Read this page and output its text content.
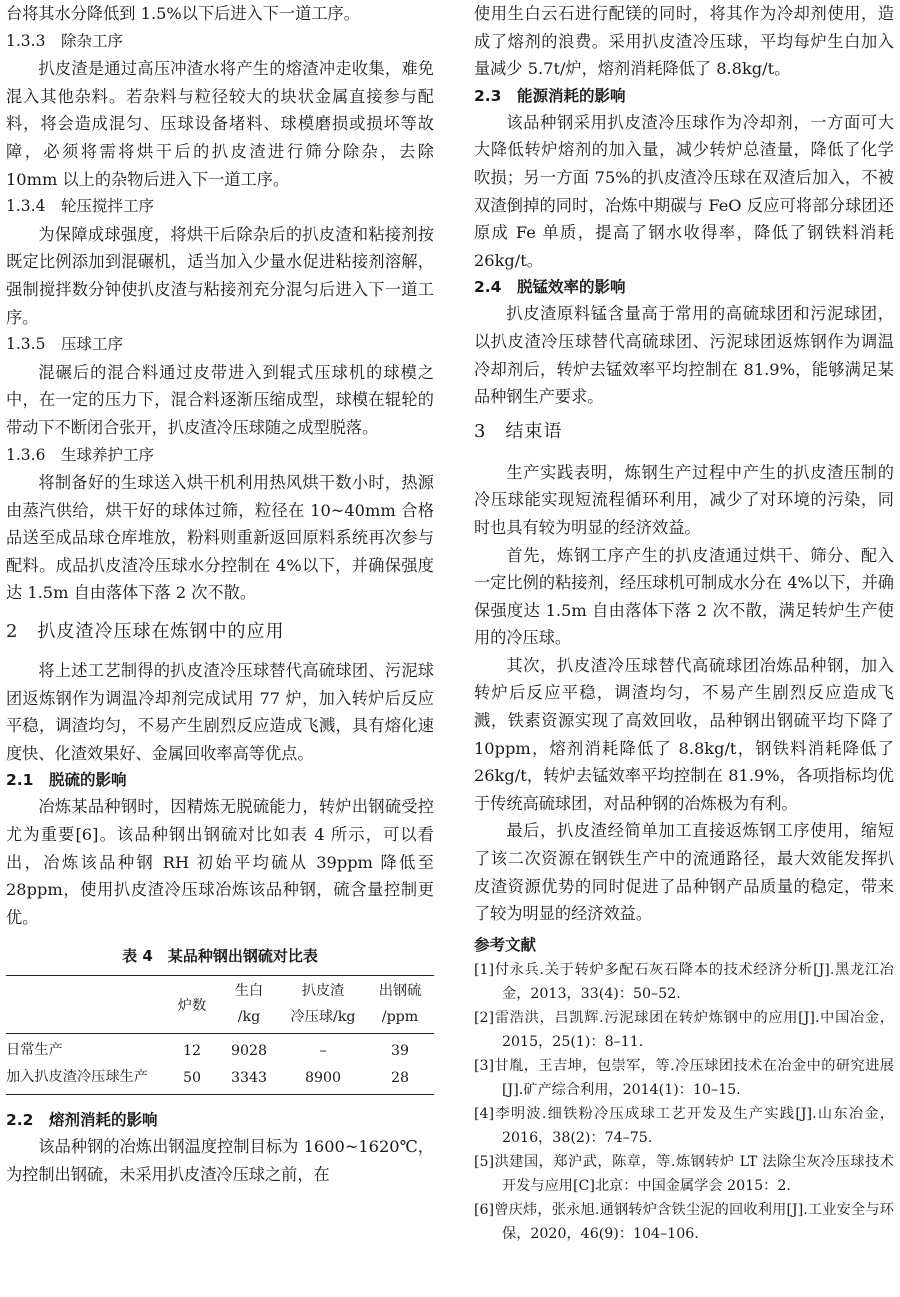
台将其水分降低到 1.5%以下后进入下一道工序。

1.3.3　除杂工序

扒皮渣是通过高压冲渣水将产生的熔渣冲走收集，难免混入其他杂料。若杂料与粒径较大的块状金属直接参与配料，将会造成混匀、压球设备堵料、球模磨损或损坏等故障，必须将需将烘干后的扒皮渣进行筛分除杂，去除 10mm 以上的杂物后进入下一道工序。

1.3.4　轮压搅拌工序

为保障成球强度，将烘干后除杂后的扒皮渣和粘接剂按既定比例添加到混碾机，适当加入少量水促进粘接剂溶解，强制搅拌数分钟使扒皮渣与粘接剂充分混匀后进入下一道工序。

1.3.5　压球工序

混碾后的混合料通过皮带进入到辊式压球机的球模之中，在一定的压力下，混合料逐渐压缩成型，球模在辊轮的带动下不断闭合张开，扒皮渣冷压球随之成型脱落。

1.3.6　生球养护工序

将制备好的生球送入烘干机利用热风烘干数小时，热源由蒸汽供给，烘干好的球体过筛，粒径在 10~40mm 合格品送至成品球仓库堆放，粉料则重新返回原料系统再次参与配料。成品扒皮渣冷压球水分控制在 4%以下，并确保强度达 1.5m 自由落体下落 2 次不散。

2　扒皮渣冷压球在炼钢中的应用

将上述工艺制得的扒皮渣冷压球替代高硫球团、污泥球团返炼钢作为调温冷却剂完成试用 77 炉，加入转炉后反应平稳，调渣均匀，不易产生剧烈反应造成飞溅，具有熔化速度快、化渣效果好、金属回收率高等优点。

2.1　脱硫的影响

冶炼某品种钢时，因精炼无脱硫能力，转炉出钢硫受控尤为重要[6]。该品种钢出钢硫对比如表 4 所示，可以看出，冶炼该品种钢 RH 初始平均硫从 39ppm 降低至 28ppm，使用扒皮渣冷压球冶炼该品种钢，硫含量控制更优。

表 4　某品种钢出钢硫对比表
		生白	扒皮渣	出钢硫
	炉数	/kg	冷压球/kg	/ppm
日常生产	12	9028	–	39
加入扒皮渣冷压球生产	50	3343	8900	28
2.2　熔剂消耗的影响

该品种钢的冶炼出钢温度控制目标为 1600~1620℃，为控制出钢硫，未采用扒皮渣冷压球之前，在

使用生白云石进行配镁的同时，将其作为冷却剂使用，造成了熔剂的浪费。采用扒皮渣冷压球，平均每炉生白加入量减少 5.7t/炉，熔剂消耗降低了 8.8kg/t。

2.3　能源消耗的影响

该品种钢采用扒皮渣冷压球作为冷却剂，一方面可大大降低转炉熔剂的加入量，减少转炉总渣量，降低了化学吹损；另一方面 75%的扒皮渣冷压球在双渣后加入，不被双渣倒掉的同时，冶炼中期碳与 FeO 反应可将部分球团还原成 Fe 单质，提高了钢水收得率，降低了钢铁料消耗 26kg/t。

2.4　脱锰效率的影响

扒皮渣原料锰含量高于常用的高硫球团和污泥球团，以扒皮渣冷压球替代高硫球团、污泥球团返炼钢作为调温冷却剂后，转炉去锰效率平均控制在 81.9%，能够满足某品种钢生产要求。

3　结束语

生产实践表明，炼钢生产过程中产生的扒皮渣压制的冷压球能实现短流程循环利用，减少了对环境的污染，同时也具有较为明显的经济效益。

首先，炼钢工序产生的扒皮渣通过烘干、筛分、配入一定比例的粘接剂，经压球机可制成水分在 4%以下，并确保强度达 1.5m 自由落体下落 2 次不散，满足转炉生产使用的冷压球。

其次，扒皮渣冷压球替代高硫球团冶炼品种钢，加入转炉后反应平稳，调渣均匀，不易产生剧烈反应造成飞溅，铁素资源实现了高效回收，品种钢出钢硫平均下降了 10ppm，熔剂消耗降低了 8.8kg/t，钢铁料消耗降低了 26kg/t，转炉去锰效率平均控制在 81.9%，各项指标均优于传统高硫球团，对品种钢的冶炼极为有利。

最后，扒皮渣经简单加工直接返炼钢工序使用，缩短了该二次资源在钢铁生产中的流通路径，最大效能发挥扒皮渣资源优势的同时促进了品种钢产品质量的稳定，带来了较为明显的经济效益。

参考文献

[1]付永兵.关于转炉多配石灰石降本的技术经济分析[J].黑龙江冶金，2013，33(4)：50–52.

[2]雷浩洪，吕凯辉.污泥球团在转炉炼钢中的应用[J].中国冶金，2015，25(1)：8–11.

[3]甘胤，王吉坤，包崇军，等.冷压球团技术在冶金中的研究进展[J].矿产综合利用，2014(1)：10–15.

[4]李明波.细铁粉冷压成球工艺开发及生产实践[J].山东冶金，2016，38(2)：74–75.

[5]洪建国，郑沪武，陈章，等.炼钢转炉 LT 法除尘灰冷压球技术开发与应用[C]北京：中国金属学会 2015：2.

[6]曾庆炜，张永旭.通钢转炉含铁尘泥的回收利用[J].工业安全与环保，2020，46(9)：104–106.
